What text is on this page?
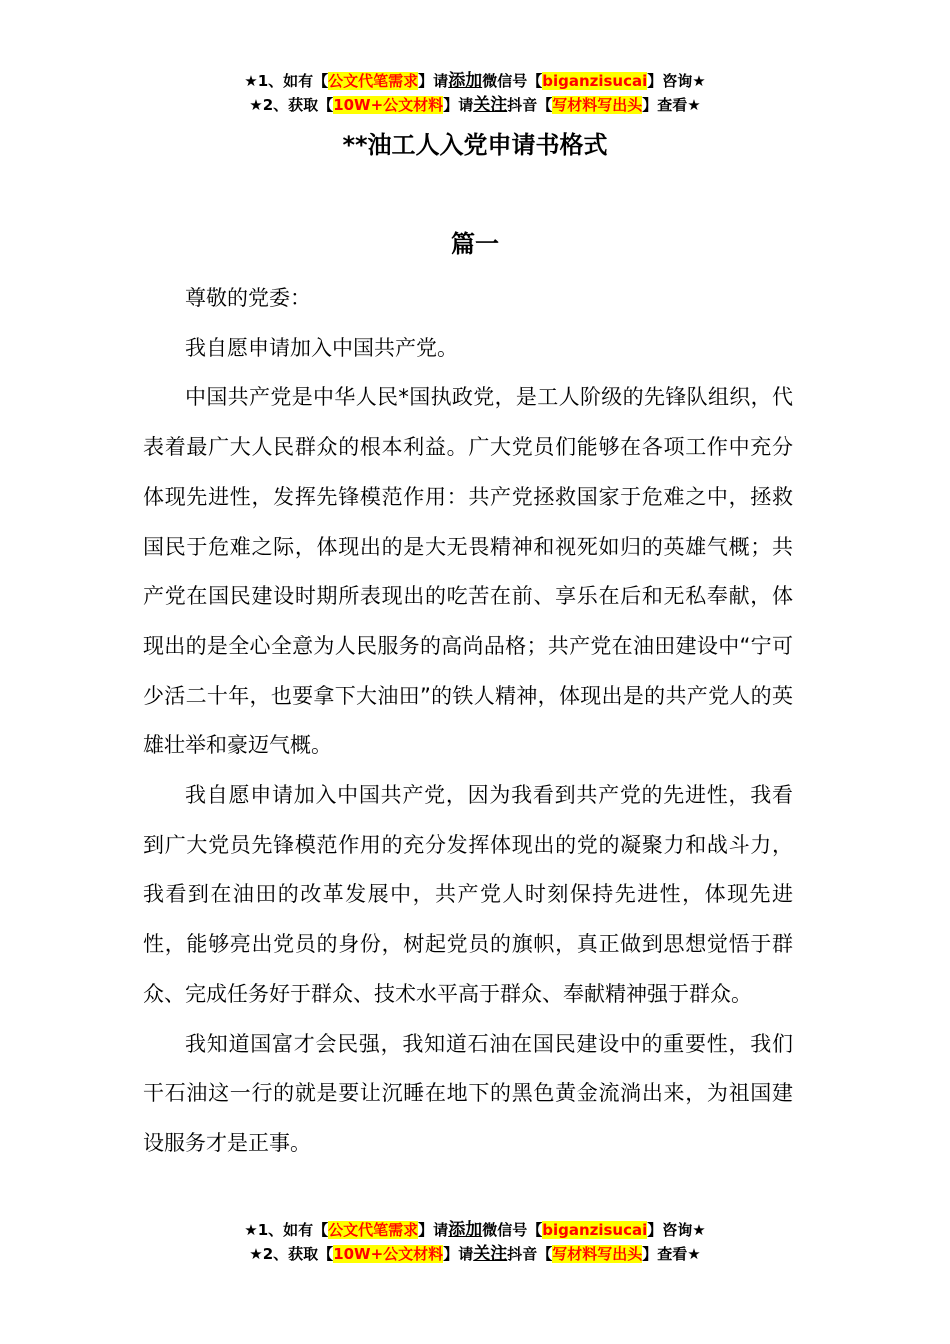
★1、如有【公文代笔需求】请添加微信号【biganzisucai】咨询★
★2、获取【10W+公文材料】请关注抖音【写材料写出头】查看★
**油工人入党申请书格式
篇一

尊敬的党委：

我自愿申请加入中国共产党。

中国共产党是中华人民*国执政党，是工人阶级的先锋队组织，代表着最广大人民群众的根本利益。广大党员们能够在各项工作中充分体现先进性，发挥先锋模范作用：共产党拯救国家于危难之中，拯救国民于危难之际，体现出的是大无畏精神和视死如归的英雄气概；共产党在国民建设时期所表现出的吃苦在前、享乐在后和无私奉献，体现出的是全心全意为人民服务的高尚品格；共产党在油田建设中“宁可少活二十年，也要拿下大油田”的铁人精神，体现出是的共产党人的英雄壮举和豪迈气概。

我自愿申请加入中国共产党，因为我看到共产党的先进性，我看到广大党员先锋模范作用的充分发挥体现出的党的凝聚力和战斗力，我看到在油田的改革发展中，共产党人时刻保持先进性，体现先进性，能够亮出党员的身份，树起党员的旗帜，真正做到思想觉悟于群众、完成任务好于群众、技术水平高于群众、奉献精神强于群众。

我知道国富才会民强，我知道石油在国民建设中的重要性，我们干石油这一行的就是要让沉睡在地下的黑色黄金流淌出来，为祖国建设服务才是正事。

★1、如有【公文代笔需求】请添加微信号【biganzisucai】咨询★
★2、获取【10W+公文材料】请关注抖音【写材料写出头】查看★
